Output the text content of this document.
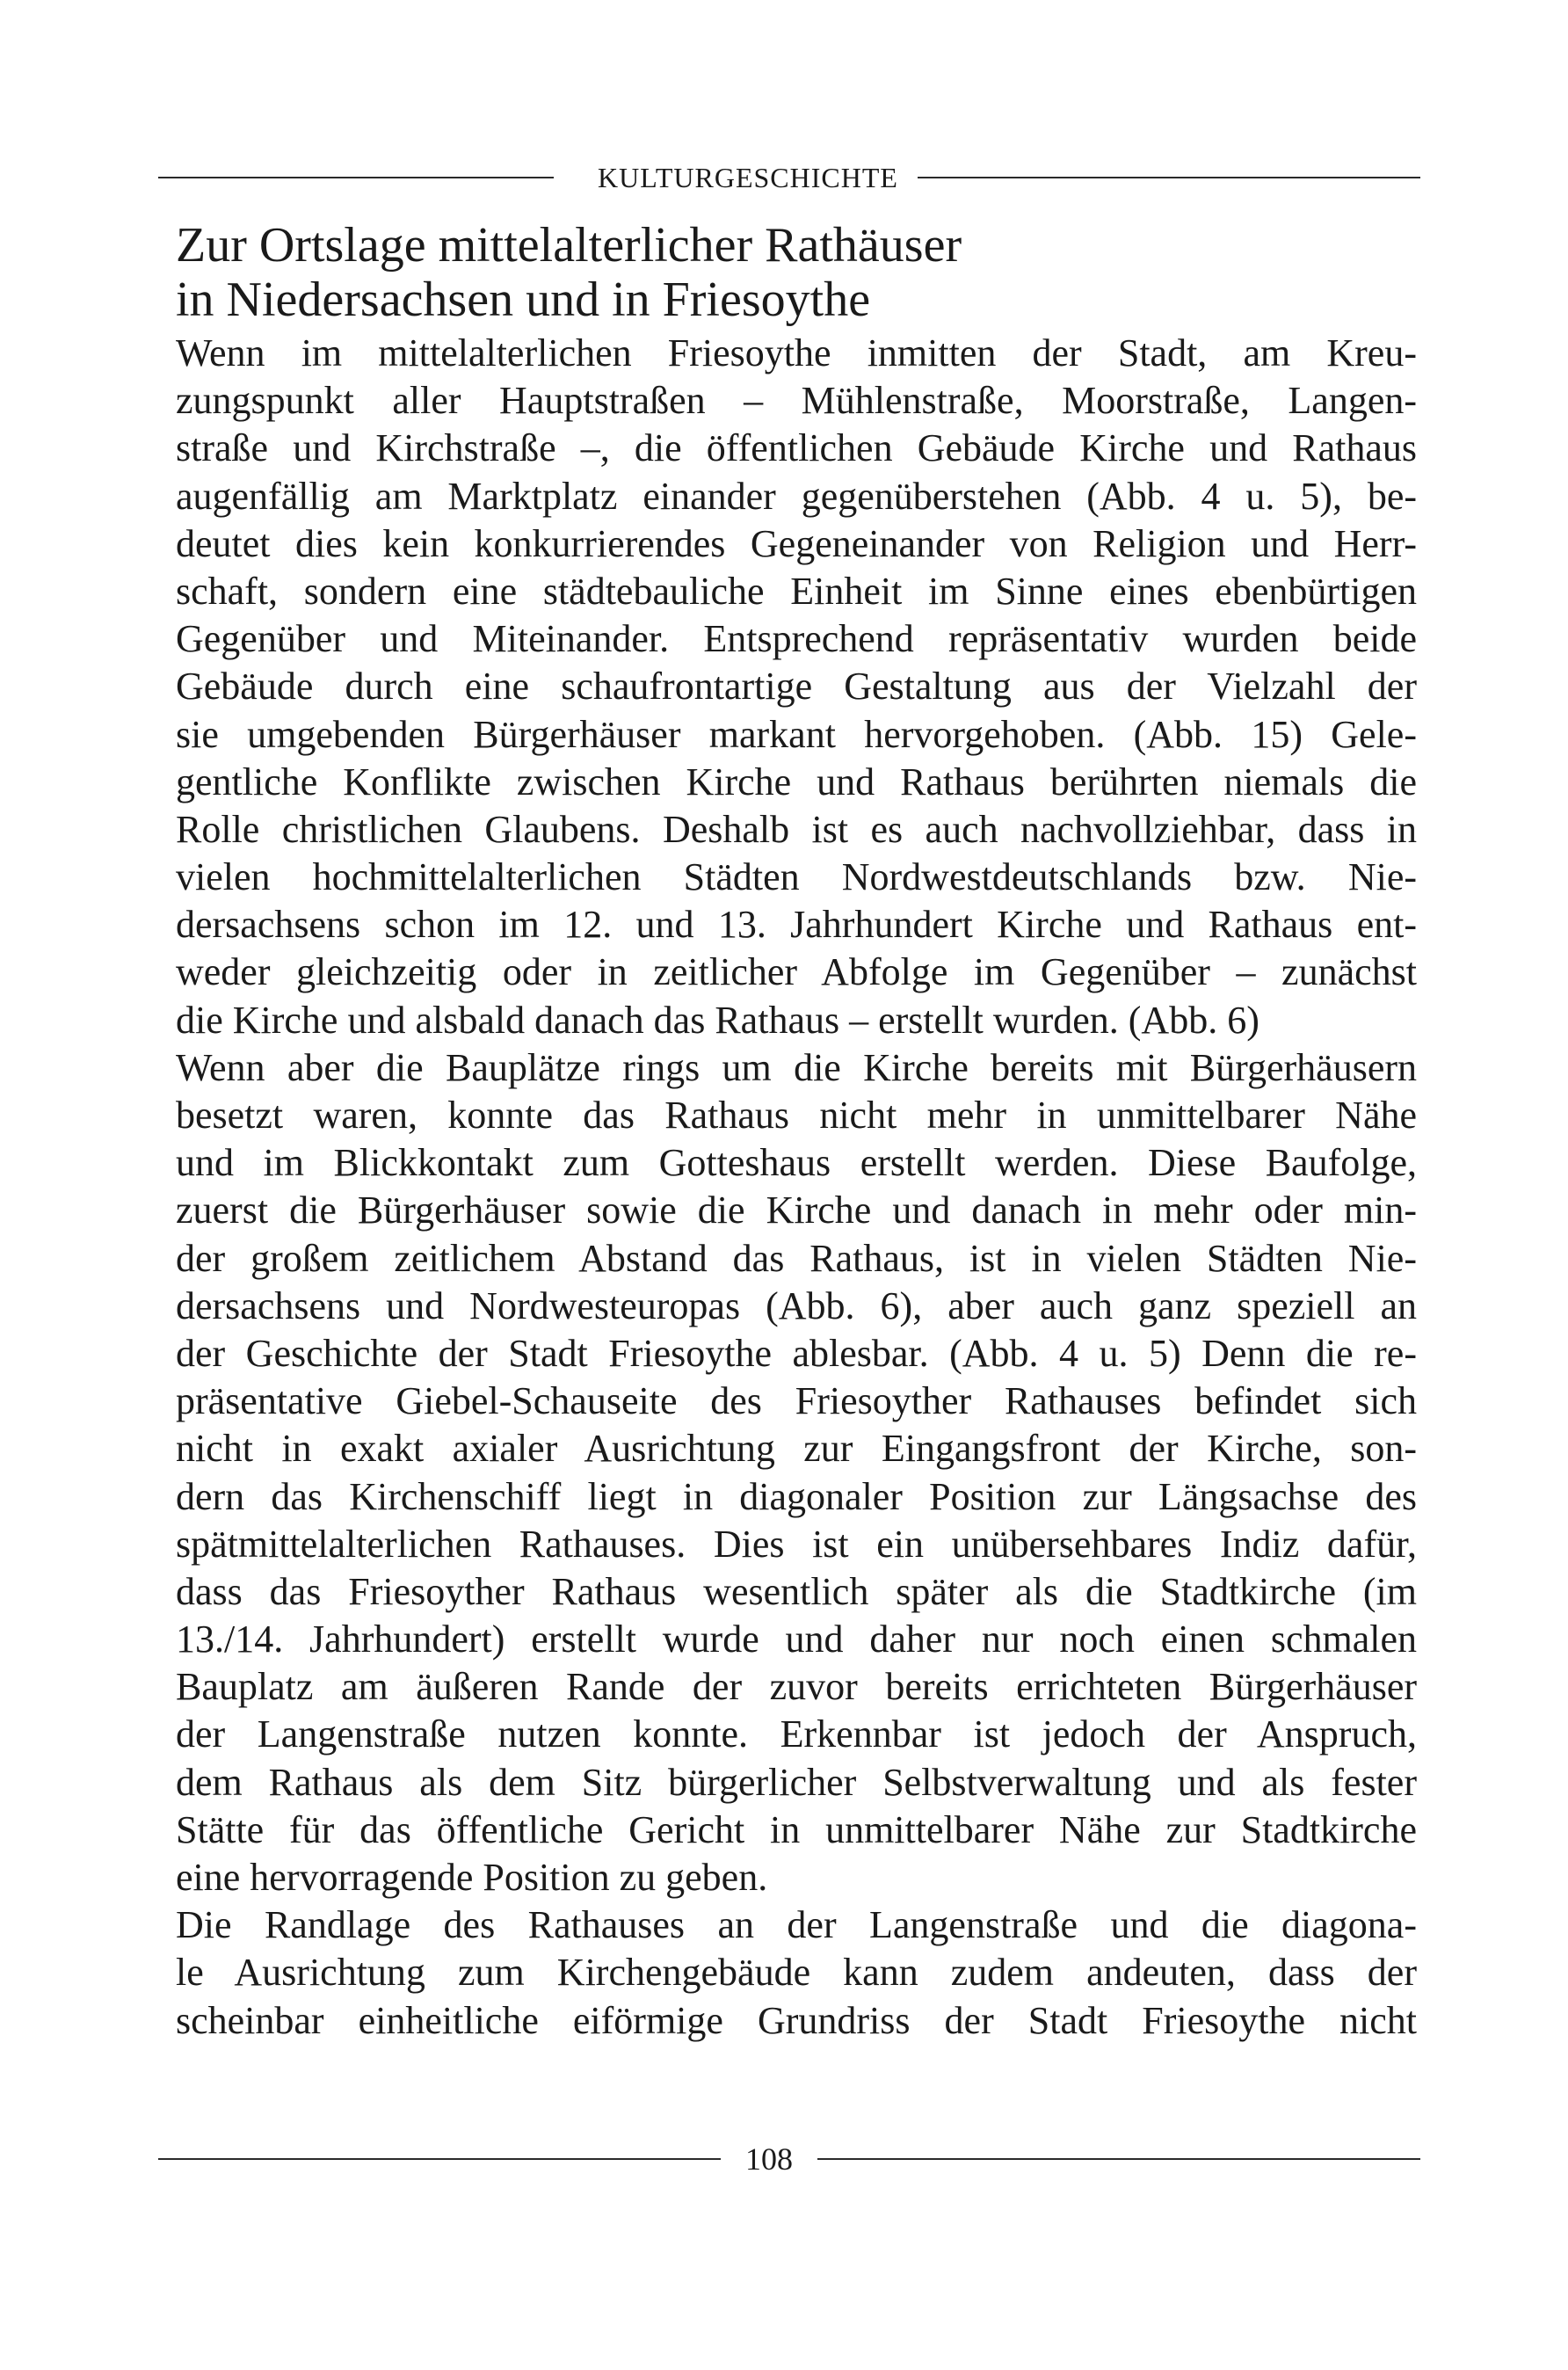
KULTURGESCHICHTE
Zur Ortslage mittelalterlicher Rathäuser
in Niedersachsen und in Friesoythe
Wenn im mittelalterlichen Friesoythe inmitten der Stadt, am Kreu-
zungspunkt aller Hauptstraßen – Mühlenstraße, Moorstraße, Langen-
straße und Kirchstraße –, die öffentlichen Gebäude Kirche und Rathaus
augenfällig am Marktplatz einander gegenüberstehen (Abb. 4 u. 5), be-
deutet dies kein konkurrierendes Gegeneinander von Religion und Herr-
schaft, sondern eine städtebauliche Einheit im Sinne eines ebenbürtigen
Gegenüber und Miteinander. Entsprechend repräsentativ wurden beide
Gebäude durch eine schaufrontartige Gestaltung aus der Vielzahl der
sie umgebenden Bürgerhäuser markant hervorgehoben. (Abb. 15) Gele-
gentliche Konflikte zwischen Kirche und Rathaus berührten niemals die
Rolle christlichen Glaubens. Deshalb ist es auch nachvollziehbar, dass in
vielen hochmittelalterlichen Städten Nordwestdeutschlands bzw. Nie-
dersachsens schon im 12. und 13. Jahrhundert Kirche und Rathaus ent-
weder gleichzeitig oder in zeitlicher Abfolge im Gegenüber – zunächst
die Kirche und alsbald danach das Rathaus – erstellt wurden. (Abb. 6)
Wenn aber die Bauplätze rings um die Kirche bereits mit Bürgerhäusern
besetzt waren, konnte das Rathaus nicht mehr in unmittelbarer Nähe
und im Blickkontakt zum Gotteshaus erstellt werden. Diese Baufolge,
zuerst die Bürgerhäuser sowie die Kirche und danach in mehr oder min-
der großem zeitlichem Abstand das Rathaus, ist in vielen Städten Nie-
dersachsens und Nordwesteuropas (Abb. 6), aber auch ganz speziell an
der Geschichte der Stadt Friesoythe ablesbar. (Abb. 4 u. 5) Denn die re-
präsentative Giebel-Schauseite des Friesoyther Rathauses befindet sich
nicht in exakt axialer Ausrichtung zur Eingangsfront der Kirche, son-
dern das Kirchenschiff liegt in diagonaler Position zur Längsachse des
spätmittelalterlichen Rathauses. Dies ist ein unübersehbares Indiz dafür,
dass das Friesoyther Rathaus wesentlich später als die Stadtkirche (im
13./14. Jahrhundert) erstellt wurde und daher nur noch einen schmalen
Bauplatz am äußeren Rande der zuvor bereits errichteten Bürgerhäuser
der Langenstraße nutzen konnte. Erkennbar ist jedoch der Anspruch,
dem Rathaus als dem Sitz bürgerlicher Selbstverwaltung und als fester
Stätte für das öffentliche Gericht in unmittelbarer Nähe zur Stadtkirche
eine hervorragende Position zu geben.
Die Randlage des Rathauses an der Langenstraße und die diagona-
le Ausrichtung zum Kirchengebäude kann zudem andeuten, dass der
scheinbar einheitliche eiförmige Grundriss der Stadt Friesoythe nicht
108
